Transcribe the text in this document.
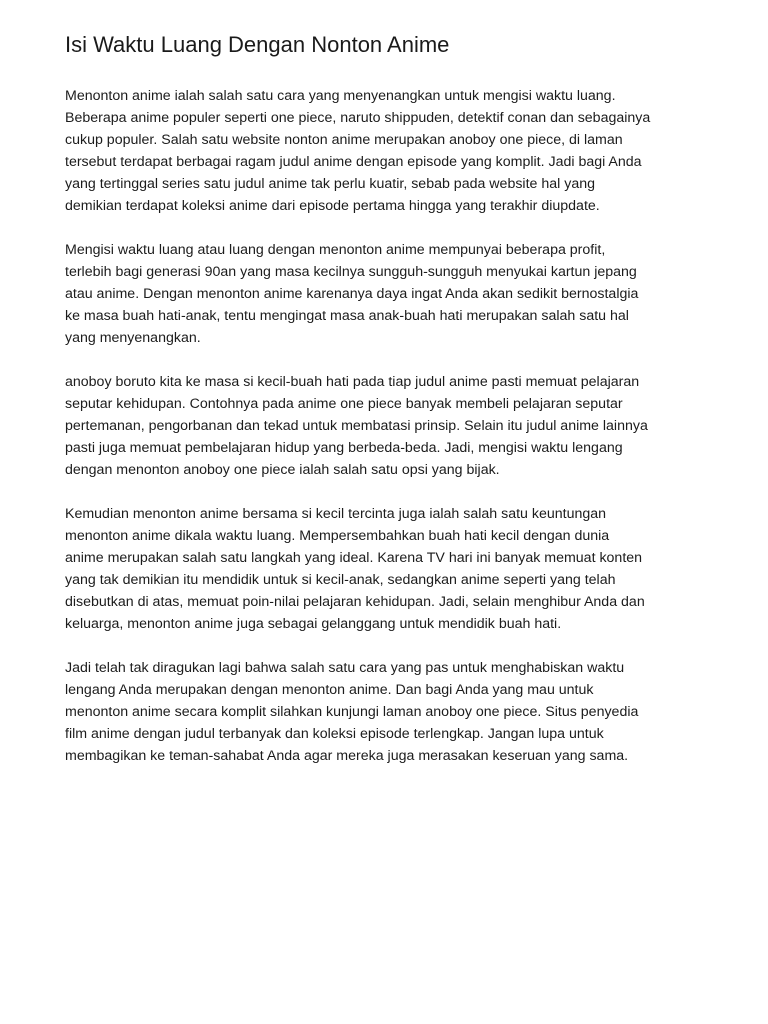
Isi Waktu Luang Dengan Nonton Anime

Menonton anime ialah salah satu cara yang menyenangkan untuk mengisi waktu luang.
Beberapa anime populer seperti one piece, naruto shippuden, detektif conan dan sebagainya
cukup populer. Salah satu website nonton anime merupakan anoboy one piece, di laman
tersebut terdapat berbagai ragam judul anime dengan episode yang komplit. Jadi bagi Anda
yang tertinggal series satu judul anime tak perlu kuatir, sebab pada website hal yang
demikian terdapat koleksi anime dari episode pertama hingga yang terakhir diupdate.

Mengisi waktu luang atau luang dengan menonton anime mempunyai beberapa profit,
terlebih bagi generasi 90an yang masa kecilnya sungguh-sungguh menyukai kartun jepang
atau anime. Dengan menonton anime karenanya daya ingat Anda akan sedikit bernostalgia
ke masa buah hati-anak, tentu mengingat masa anak-buah hati merupakan salah satu hal
yang menyenangkan.

anoboy boruto kita ke masa si kecil-buah hati pada tiap judul anime pasti memuat pelajaran
seputar kehidupan. Contohnya pada anime one piece banyak membeli pelajaran seputar
pertemanan, pengorbanan dan tekad untuk membatasi prinsip. Selain itu judul anime lainnya
pasti juga memuat pembelajaran hidup yang berbeda-beda. Jadi, mengisi waktu lengang
dengan menonton anoboy one piece ialah salah satu opsi yang bijak.

Kemudian menonton anime bersama si kecil tercinta juga ialah salah satu keuntungan
menonton anime dikala waktu luang. Mempersembahkan buah hati kecil dengan dunia
anime merupakan salah satu langkah yang ideal. Karena TV hari ini banyak memuat konten
yang tak demikian itu mendidik untuk si kecil-anak, sedangkan anime seperti yang telah
disebutkan di atas, memuat poin-nilai pelajaran kehidupan. Jadi, selain menghibur Anda dan
keluarga, menonton anime juga sebagai gelanggang untuk mendidik buah hati.

Jadi telah tak diragukan lagi bahwa salah satu cara yang pas untuk menghabiskan waktu
lengang Anda merupakan dengan menonton anime. Dan bagi Anda yang mau untuk
menonton anime secara komplit silahkan kunjungi laman anoboy one piece. Situs penyedia
film anime dengan judul terbanyak dan koleksi episode terlengkap. Jangan lupa untuk
membagikan ke teman-sahabat Anda agar mereka juga merasakan keseruan yang sama.
